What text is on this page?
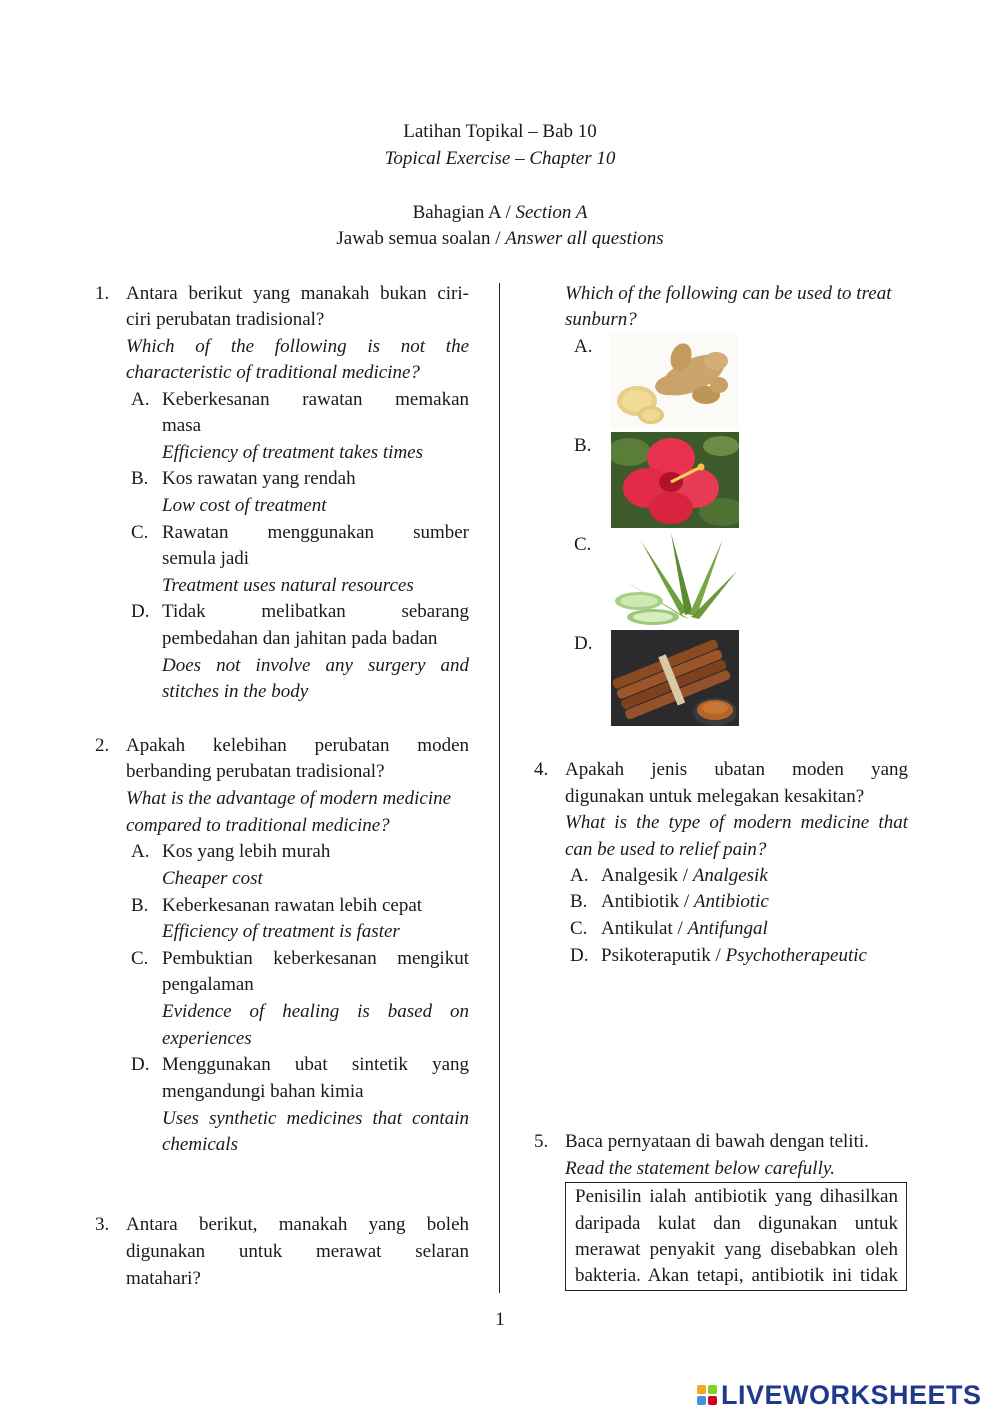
Latihan Topikal – Bab 10
Topical Exercise – Chapter 10
Bahagian A / Section A
Jawab semua soalan / Answer all questions
1. Antara berikut yang manakah bukan ciri-
ciri perubatan tradisional?
Which of the following is not the
characteristic of traditional medicine?
A. Keberkesanan rawatan memakan
masa
Efficiency of treatment takes times
B. Kos rawatan yang rendah
Low cost of treatment
C. Rawatan menggunakan sumber
semula jadi
Treatment uses natural resources
D. Tidak melibatkan sebarang
pembedahan dan jahitan pada badan
Does not involve any surgery and
stitches in the body
2. Apakah kelebihan perubatan moden
berbanding perubatan tradisional?
What is the advantage of modern medicine
compared to traditional medicine?
A. Kos yang lebih murah
Cheaper cost
B. Keberkesanan rawatan lebih cepat
Efficiency of treatment is faster
C. Pembuktian keberkesanan mengikut
pengalaman
Evidence of healing is based on
experiences
D. Menggunakan ubat sintetik yang
mengandungi bahan kimia
Uses synthetic medicines that contain
chemicals
3. Antara berikut, manakah yang boleh
digunakan untuk merawat selaran
matahari?
Which of the following can be used to treat
sunburn?
A.
B.
C.
D.
4. Apakah jenis ubatan moden yang
digunakan untuk melegakan kesakitan?
What is the type of modern medicine that
can be used to relief pain?
A. Analgesik / Analgesik
B. Antibiotik / Antibiotic
C. Antikulat / Antifungal
D. Psikoteraputik / Psychotherapeutic
5. Baca pernyataan di bawah dengan teliti.
Read the statement below carefully.
Penisilin ialah antibiotik yang dihasilkan
daripada kulat dan digunakan untuk
merawat penyakit yang disebabkan oleh
bakteria. Akan tetapi, antibiotik ini tidak
1
LIVEWORKSHEETS
